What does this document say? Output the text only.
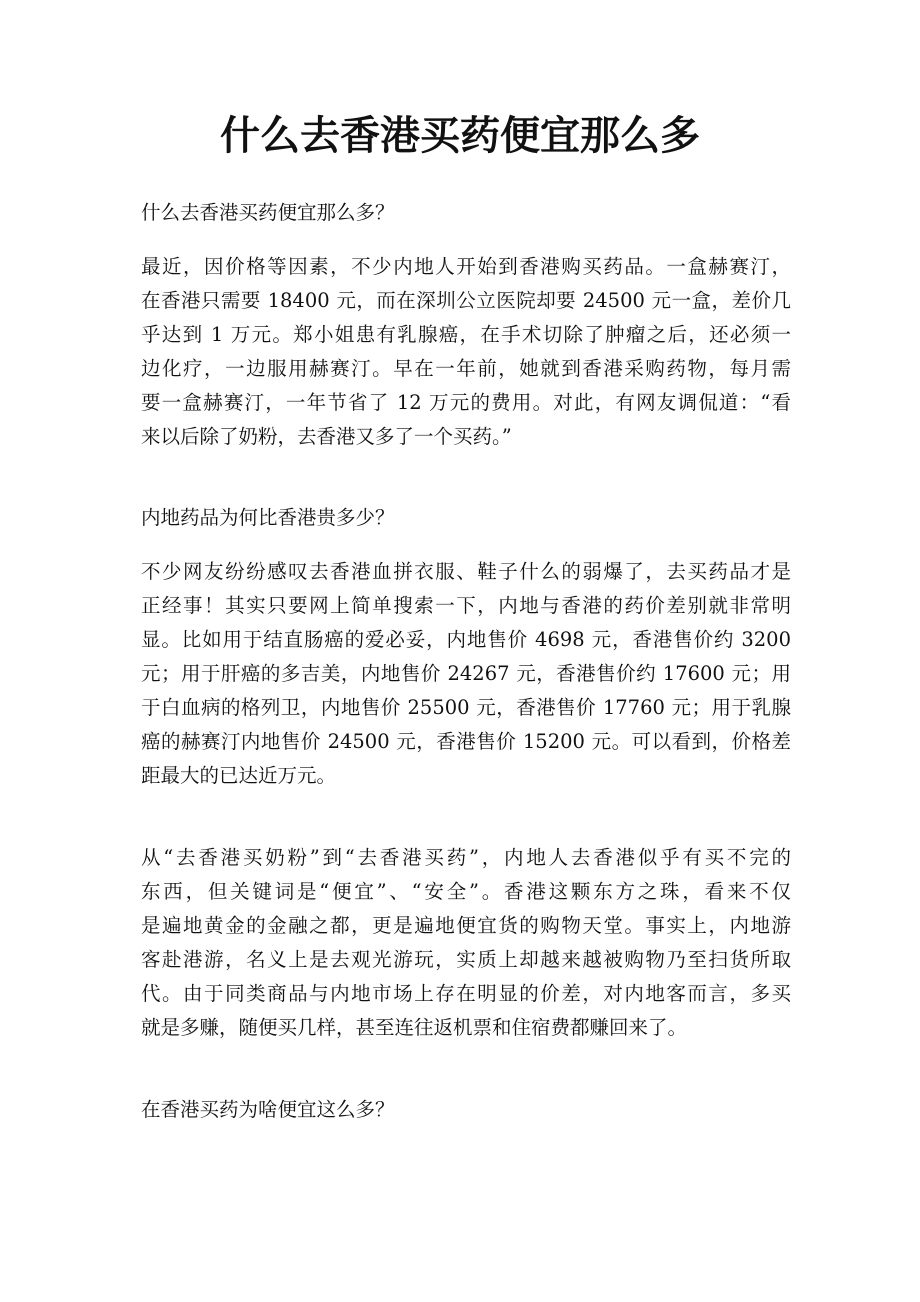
什么去香港买药便宜那么多
什么去香港买药便宜那么多？
最近，因价格等因素，不少内地人开始到香港购买药品。一盒赫赛汀，
在香港只需要 18400 元，而在深圳公立医院却要 24500 元一盒，差价几
乎达到 1 万元。郑小姐患有乳腺癌，在手术切除了肿瘤之后，还必须一
边化疗，一边服用赫赛汀。早在一年前，她就到香港采购药物，每月需
要一盒赫赛汀，一年节省了 12 万元的费用。对此，有网友调侃道：“看
来以后除了奶粉，去香港又多了一个买药。”
内地药品为何比香港贵多少？
不少网友纷纷感叹去香港血拼衣服、鞋子什么的弱爆了，去买药品才是
正经事！其实只要网上简单搜索一下，内地与香港的药价差别就非常明
显。比如用于结直肠癌的爱必妥，内地售价 4698 元，香港售价约 3200
元；用于肝癌的多吉美，内地售价 24267 元，香港售价约 17600 元；用
于白血病的格列卫，内地售价 25500 元，香港售价 17760 元；用于乳腺
癌的赫赛汀内地售价 24500 元，香港售价 15200 元。可以看到，价格差
距最大的已达近万元。
从“去香港买奶粉”到“去香港买药”，内地人去香港似乎有买不完的
东西，但关键词是“便宜”、“安全”。香港这颗东方之珠，看来不仅
是遍地黄金的金融之都，更是遍地便宜货的购物天堂。事实上，内地游
客赴港游，名义上是去观光游玩，实质上却越来越被购物乃至扫货所取
代。由于同类商品与内地市场上存在明显的价差，对内地客而言，多买
就是多赚，随便买几样，甚至连往返机票和住宿费都赚回来了。
在香港买药为啥便宜这么多？
